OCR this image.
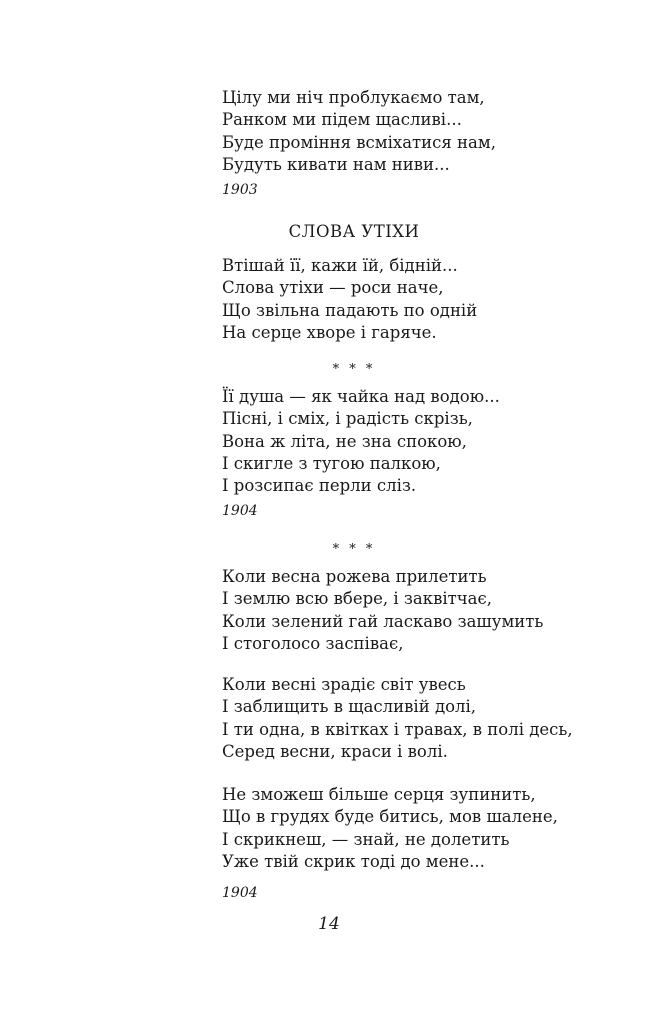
Цілу ми ніч проблукаємо там,
Ранком ми підем щасливі...
Буде проміння всміхатися нам,
Будуть кивати нам ниви...
1903
СЛОВА УТІХИ
Втішай її, кажи їй, бідній...
Слова утіхи — роси наче,
Що звільна падають по одній
На серце хворе і гаряче.
* * *
Її душа — як чайка над водою...
Пісні, і сміх, і радість скрізь,
Вона ж літа, не зна спокою,
І скигле з тугою палкою,
І розсипає перли сліз.
1904
* * *
Коли весна рожева прилетить
І землю всю вбере, і заквітчає,
Коли зелений гай ласкаво зашумить
І стоголосо заспіває,
Коли весні зрадіє світ увесь
І заблищить в щасливій долі,
І ти одна, в квітках і травах, в полі десь,
Серед весни, краси і волі.
Не зможеш більше серця зупинить,
Що в грудях буде битись, мов шалене,
І скрикнеш, — знай, не долетить
Уже твій скрик тоді до мене...
1904
14
